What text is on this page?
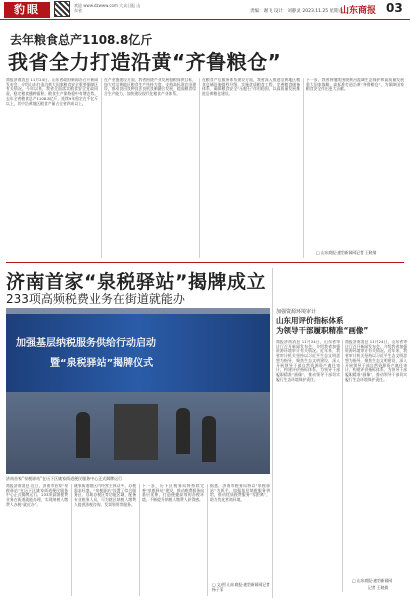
豹眼	欢迎 www.dzwww.com 大众日报 山东省	责编：谢飞 设计：刘静灵 2023.11.25 星期六
山东商报 03
去年粮食总产1108.8亿斤
我省全力打造沿黄“齐鲁粮仓”
商报济南消息 11月24日，山东省政府新闻办召开新闻发布会，介绍山东打造沿黄大国家粮食安全重要保障区有关情况。今年以来，我省全面落实粮食安全党政同责，稳定粮食播种面积，粮食生产保持稳中有增态势。去年全省粮食总产1108.8亿斤，连续9年稳定在千亿斤以上，其中沿黄地区粮食产量占全省四成以上。
在产业链建设方面，我省围绕产业发展稳粮保供目标，加大对沿黄地区粮食生产扶持力度，支持高标准农田建设，推动良田良种良法良机良制融合发展，提高粮食综合生产能力，加快建设现代化粮食产业体系。
在粮食产后服务体系建设方面，我省深入推进沿黄地区粮食仓储设施提档升级，实施优质粮食工程，完善粮食储备体系，确保粮食安全“压舱石”作用稳固，以高质量发展推进沿黄粮仓建设。
下一步，我省将继续围绕黄河流域生态保护和高质量发展重大国家战略，高标准打造沿黄“齐鲁粮仓”，为保障国家粮食安全作出更大贡献。
□ 山东商报·速豹新闻网记者 王晓倩
济南首家“泉税驿站”揭牌成立
233项高频税费业务在街道就能办
加强基层纳税服务供给行动启动
暨“泉税驿站”揭牌仪式
济南首家“泉税驿站”在历下区姚家街道便民服务中心正式揭牌运行
商报济南消息 近日，济南市首家“泉税驿站”在历下区姚家街道便民服务中心正式揭牌运行，233项高频税费业务在街道就能办理，实现纳税人缴费人办税“就近办”。
姚家街道辖区内经营主体众多，办税需求旺盛。“泉税驿站”设置了综合服务区、自助办税区等功能区域，配备专业税务人员，可为辖区纳税人缴费人提供涉税咨询、发票领用等服务。
下一步，历下区税务局将持续完善“泉税驿站”建设，推动税费服务向基层延伸，打造便捷高效的办税环境，不断提升纳税人缴费人获得感。
据悉，济南市税务局将以“泉税驿站”为抓手，加强基层纳税服务供给，推动优质税费服务“零距离”，助力优化营商环境。
□ 文/图 山东商报·速豹新闻网记者 杨子菲
加强资源环境审计
山东用评价指标体系
为领导干部履职精准“画像”
商报济南消息 11月24日，山东省审计厅召开新闻发布会，介绍我省加强资源环境审计有关情况。近年来，我省审计机关坚持以习近平生态文明思想为指导，聚焦生态文明建设，深入开展领导干部自然资源资产离任审计，构建评价指标体系，为领导干部履职精准“画像”，推动领导干部切实履行生态环境保护责任。
商报济南消息 11月24日，山东省审计厅召开新闻发布会，介绍我省加强资源环境审计有关情况。近年来，我省审计机关坚持以习近平生态文明思想为指导，聚焦生态文明建设，深入开展领导干部自然资源资产离任审计，构建评价指标体系，为领导干部履职精准“画像”，推动领导干部切实履行生态环境保护责任。
□ 山东商报·速豹新闻网
记者 王晓倩
